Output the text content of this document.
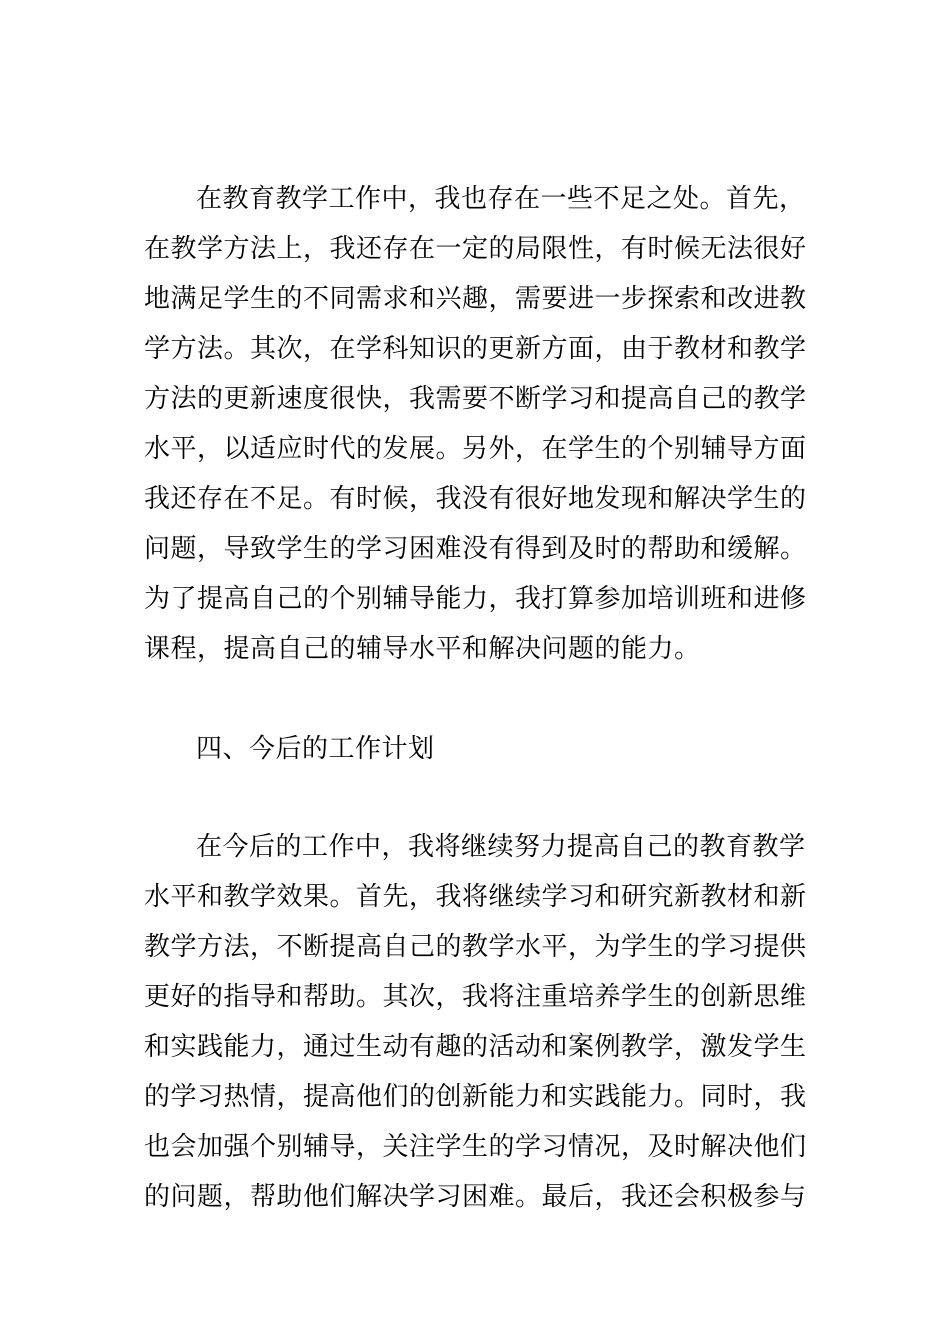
在教育教学工作中，我也存在一些不足之处。首先，
在教学方法上，我还存在一定的局限性，有时候无法很好
地满足学生的不同需求和兴趣，需要进一步探索和改进教
学方法。其次，在学科知识的更新方面，由于教材和教学
方法的更新速度很快，我需要不断学习和提高自己的教学
水平，以适应时代的发展。另外，在学生的个别辅导方面
我还存在不足。有时候，我没有很好地发现和解决学生的
问题，导致学生的学习困难没有得到及时的帮助和缓解。
为了提高自己的个别辅导能力，我打算参加培训班和进修
课程，提高自己的辅导水平和解决问题的能力。
四、今后的工作计划
在今后的工作中，我将继续努力提高自己的教育教学
水平和教学效果。首先，我将继续学习和研究新教材和新
教学方法，不断提高自己的教学水平，为学生的学习提供
更好的指导和帮助。其次，我将注重培养学生的创新思维
和实践能力，通过生动有趣的活动和案例教学，激发学生
的学习热情，提高他们的创新能力和实践能力。同时，我
也会加强个别辅导，关注学生的学习情况，及时解决他们
的问题，帮助他们解决学习困难。最后，我还会积极参与
